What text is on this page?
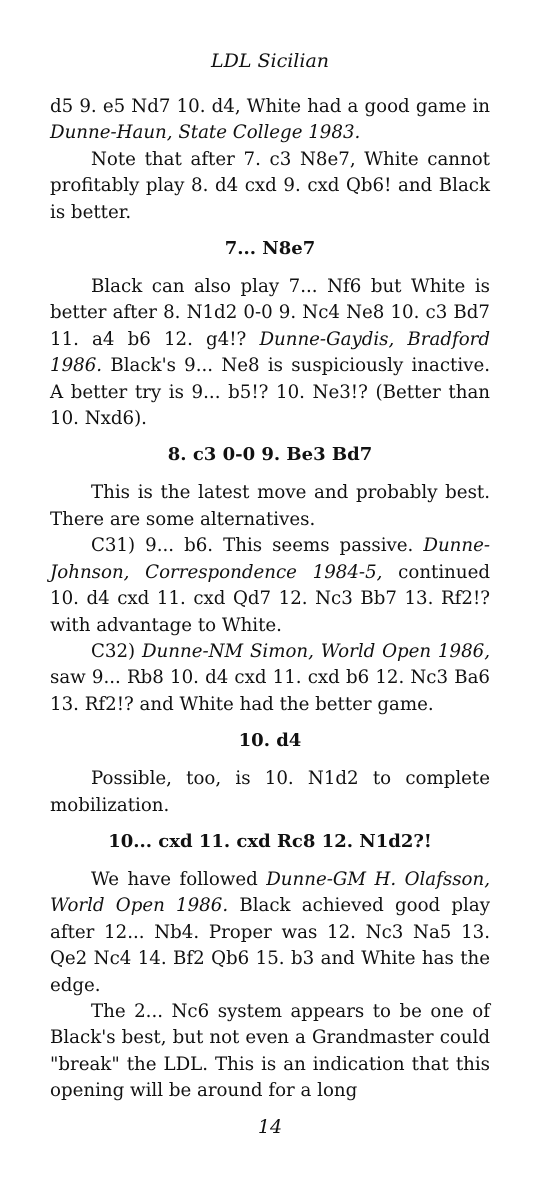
LDL Sicilian

d5 9. e5 Nd7 10. d4, White had a good game in Dunne-Haun, State College 1983.

Note that after 7. c3 N8e7, White cannot profitably play 8. d4 cxd 9. cxd Qb6! and Black is better.

7... N8e7

Black can also play 7... Nf6 but White is better after 8. N1d2 0-0 9. Nc4 Ne8 10. c3 Bd7 11. a4 b6 12. g4!? Dunne-Gaydis, Bradford 1986. Black's 9... Ne8 is suspiciously inactive. A better try is 9... b5!? 10. Ne3!? (Better than 10. Nxd6).

8. c3 0-0 9. Be3 Bd7

This is the latest move and probably best. There are some alternatives.

C31) 9... b6. This seems passive. Dunne-Johnson, Correspondence 1984-5, continued 10. d4 cxd 11. cxd Qd7 12. Nc3 Bb7 13. Rf2!? with advantage to White.

C32) Dunne-NM Simon, World Open 1986, saw 9... Rb8 10. d4 cxd 11. cxd b6 12. Nc3 Ba6 13. Rf2!? and White had the better game.

10. d4

Possible, too, is 10. N1d2 to complete mobilization.

10... cxd 11. cxd Rc8 12. N1d2?!

We have followed Dunne-GM H. Olafsson, World Open 1986. Black achieved good play after 12... Nb4. Proper was 12. Nc3 Na5 13. Qe2 Nc4 14. Bf2 Qb6 15. b3 and White has the edge.

The 2... Nc6 system appears to be one of Black's best, but not even a Grandmaster could "break" the LDL. This is an indication that this opening will be around for a long

14
